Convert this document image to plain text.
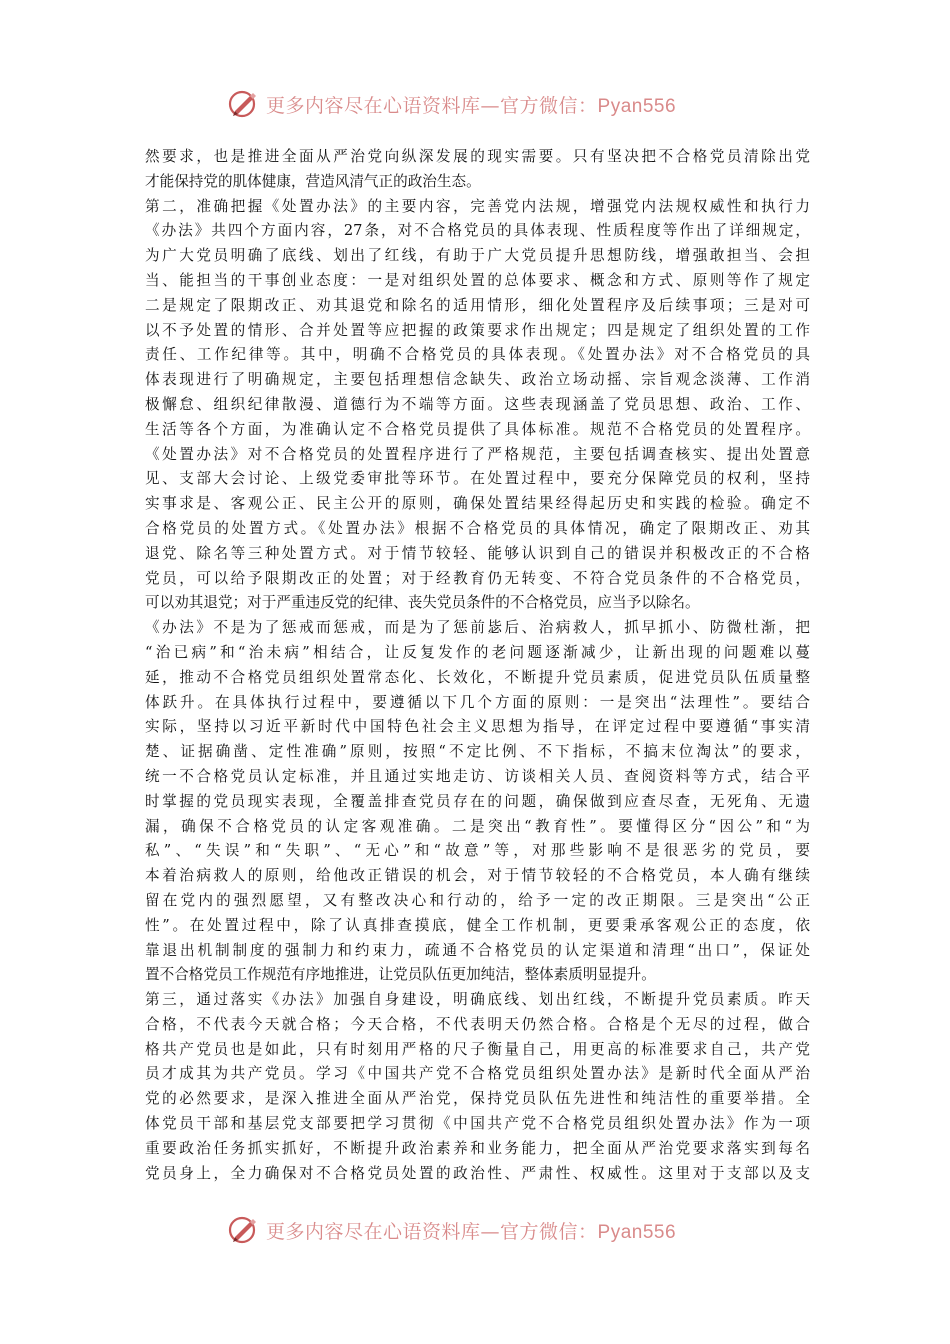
更多内容尽在心语资料库—官方微信：Pyan556
然要求，也是推进全面从严治党向纵深发展的现实需要。只有坚决把不合格党员清除出党
才能保持党的肌体健康，营造风清气正的政治生态。
第二，准确把握《处置办法》的主要内容，完善党内法规，增强党内法规权威性和执行力
《办法》共四个方面内容，27条，对不合格党员的具体表现、性质程度等作出了详细规定，
为广大党员明确了底线、划出了红线，有助于广大党员提升思想防线，增强敢担当、会担
当、能担当的干事创业态度：一是对组织处置的总体要求、概念和方式、原则等作了规定
二是规定了限期改正、劝其退党和除名的适用情形，细化处置程序及后续事项；三是对可
以不予处置的情形、合并处置等应把握的政策要求作出规定；四是规定了组织处置的工作
责任、工作纪律等。其中，明确不合格党员的具体表现。《处置办法》对不合格党员的具
体表现进行了明确规定，主要包括理想信念缺失、政治立场动摇、宗旨观念淡薄、工作消
极懈怠、组织纪律散漫、道德行为不端等方面。这些表现涵盖了党员思想、政治、工作、
生活等各个方面，为准确认定不合格党员提供了具体标准。规范不合格党员的处置程序。
《处置办法》对不合格党员的处置程序进行了严格规范，主要包括调查核实、提出处置意
见、支部大会讨论、上级党委审批等环节。在处置过程中，要充分保障党员的权利，坚持
实事求是、客观公正、民主公开的原则，确保处置结果经得起历史和实践的检验。确定不
合格党员的处置方式。《处置办法》根据不合格党员的具体情况，确定了限期改正、劝其
退党、除名等三种处置方式。对于情节较轻、能够认识到自己的错误并积极改正的不合格
党员，可以给予限期改正的处置；对于经教育仍无转变、不符合党员条件的不合格党员，
可以劝其退党；对于严重违反党的纪律、丧失党员条件的不合格党员，应当予以除名。
《办法》不是为了惩戒而惩戒，而是为了惩前毖后、治病救人，抓早抓小、防微杜渐，把
“治已病”和“治未病”相结合，让反复发作的老问题逐渐减少，让新出现的问题难以蔓
延，推动不合格党员组织处置常态化、长效化，不断提升党员素质，促进党员队伍质量整
体跃升。在具体执行过程中，要遵循以下几个方面的原则：一是突出“法理性”。要结合
实际，坚持以习近平新时代中国特色社会主义思想为指导，在评定过程中要遵循“事实清
楚、证据确凿、定性准确”原则，按照“不定比例、不下指标，不搞末位淘汰”的要求，
统一不合格党员认定标准，并且通过实地走访、访谈相关人员、查阅资料等方式，结合平
时掌握的党员现实表现，全覆盖排查党员存在的问题，确保做到应查尽查，无死角、无遗
漏，确保不合格党员的认定客观准确。二是突出“教育性”。要懂得区分“因公”和“为
私”、“失误”和“失职”、“无心”和“故意”等，对那些影响不是很恶劣的党员，要
本着治病救人的原则，给他改正错误的机会，对于情节较轻的不合格党员，本人确有继续
留在党内的强烈愿望，又有整改决心和行动的，给予一定的改正期限。三是突出“公正
性”。在处置过程中，除了认真排查摸底，健全工作机制，更要秉承客观公正的态度，依
靠退出机制制度的强制力和约束力，疏通不合格党员的认定渠道和清理“出口”，保证处
置不合格党员工作规范有序地推进，让党员队伍更加纯洁，整体素质明显提升。
第三，通过落实《办法》加强自身建设，明确底线、划出红线，不断提升党员素质。昨天
合格，不代表今天就合格；今天合格，不代表明天仍然合格。合格是个无尽的过程，做合
格共产党员也是如此，只有时刻用严格的尺子衡量自己，用更高的标准要求自己，共产党
员才成其为共产党员。学习《中国共产党不合格党员组织处置办法》是新时代全面从严治
党的必然要求，是深入推进全面从严治党，保持党员队伍先进性和纯洁性的重要举措。全
体党员干部和基层党支部要把学习贯彻《中国共产党不合格党员组织处置办法》作为一项
重要政治任务抓实抓好，不断提升政治素养和业务能力，把全面从严治党要求落实到每名
党员身上，全力确保对不合格党员处置的政治性、严肃性、权威性。这里对于支部以及支
更多内容尽在心语资料库—官方微信：Pyan556
